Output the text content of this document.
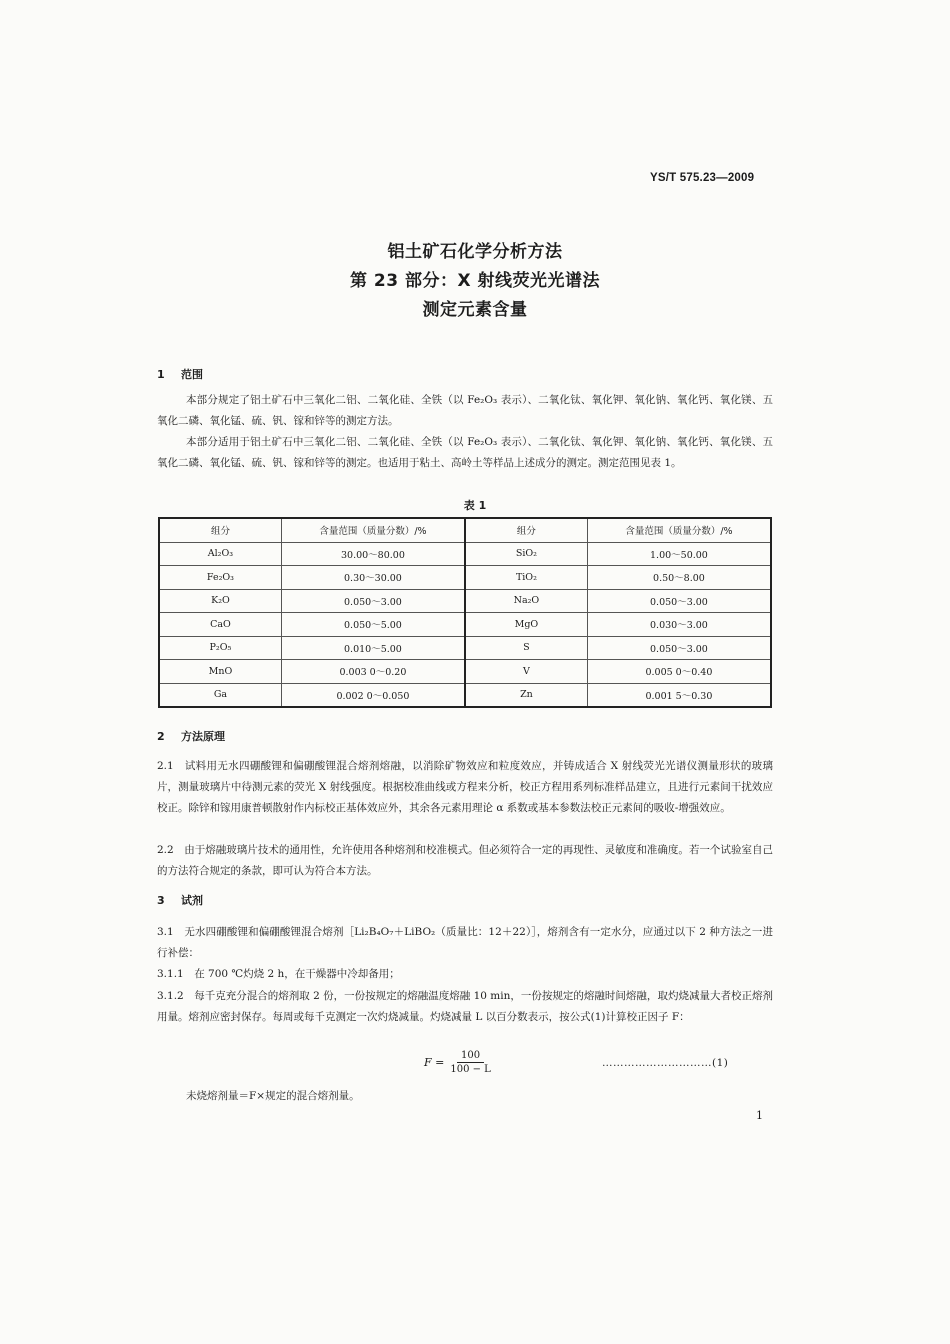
YS/T 575.23—2009
铝土矿石化学分析方法
第 23 部分：X 射线荧光光谱法
测定元素含量
1 范围
本部分规定了铝土矿石中三氧化二铝、二氧化硅、全铁（以 Fe₂O₃ 表示）、二氧化钛、氧化钾、氧化钠、氧化钙、氧化镁、五氧化二磷、氧化锰、硫、钒、镓和锌等的测定方法。
本部分适用于铝土矿石中三氧化二铝、二氧化硅、全铁（以 Fe₂O₃ 表示）、二氧化钛、氧化钾、氧化钠、氧化钙、氧化镁、五氧化二磷、氧化锰、硫、钒、镓和锌等的测定。也适用于粘土、高岭土等样品上述成分的测定。测定范围见表 1。
表 1
组分	含量范围（质量分数）/%	组分	含量范围（质量分数）/%
Al₂O₃	30.00～80.00	SiO₂	1.00～50.00
Fe₂O₃	0.30～30.00	TiO₂	0.50～8.00
K₂O	0.050～3.00	Na₂O	0.050～3.00
CaO	0.050～5.00	MgO	0.030～3.00
P₂O₅	0.010～5.00	S	0.050～3.00
MnO	0.003 0～0.20	V	0.005 0～0.40
Ga	0.002 0～0.050	Zn	0.001 5～0.30
2 方法原理
2.1　试料用无水四硼酸锂和偏硼酸锂混合熔剂熔融，以消除矿物效应和粒度效应，并铸成适合 X 射线荧光光谱仪测量形状的玻璃片，测量玻璃片中待测元素的荧光 X 射线强度。根据校准曲线或方程来分析，校正方程用系列标准样品建立，且进行元素间干扰效应校正。除锌和镓用康普顿散射作内标校正基体效应外，其余各元素用理论 α 系数或基本参数法校正元素间的吸收-增强效应。
2.2　由于熔融玻璃片技术的通用性，允许使用各种熔剂和校准模式。但必须符合一定的再现性、灵敏度和准确度。若一个试验室自己的方法符合规定的条款，即可认为符合本方法。
3 试剂
3.1　无水四硼酸锂和偏硼酸锂混合熔剂［Li₂B₄O₇＋LiBO₂（质量比：12＋22）］，熔剂含有一定水分，应通过以下 2 种方法之一进行补偿：
3.1.1　在 700 ℃灼烧 2 h，在干燥器中冷却备用；
3.1.2　每千克充分混合的熔剂取 2 份，一份按规定的熔融温度熔融 10 min，一份按规定的熔融时间熔融，取灼烧减量大者校正熔剂用量。熔剂应密封保存。每周或每千克测定一次灼烧减量。灼烧减量 L 以百分数表示，按公式(1)计算校正因子 F：
$F = \frac{100}{100 - L}$	…………………………(1)
未烧熔剂量＝F×规定的混合熔剂量。
1
